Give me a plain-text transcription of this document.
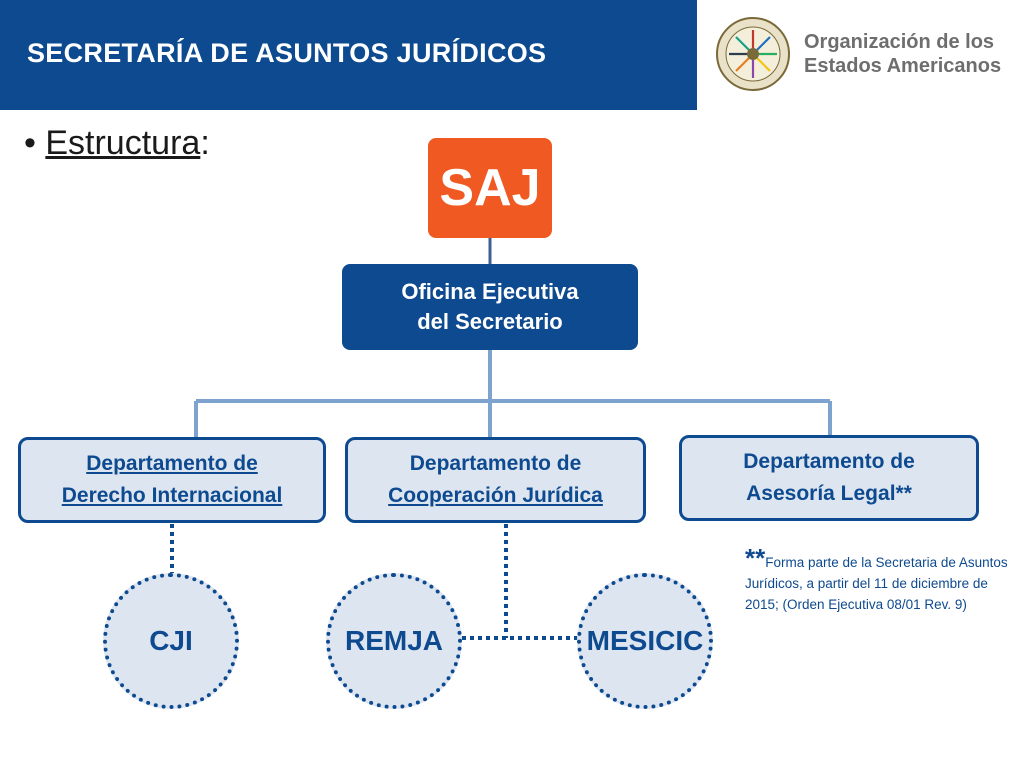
SECRETARÍA DE ASUNTOS JURÍDICOS	Organización de los
Estados Americanos
• Estructura:
SAJ
Oficina Ejecutiva
del Secretario
Departamento de
Derecho Internacional
Departamento de
Cooperación Jurídica
Departamento de
Asesoría Legal**
CJI	REMJA	MESICIC
**Forma parte de la Secretaria de Asuntos Jurídicos, a partir del 11 de diciembre de 2015; (Orden Ejecutiva 08/01 Rev. 9)
